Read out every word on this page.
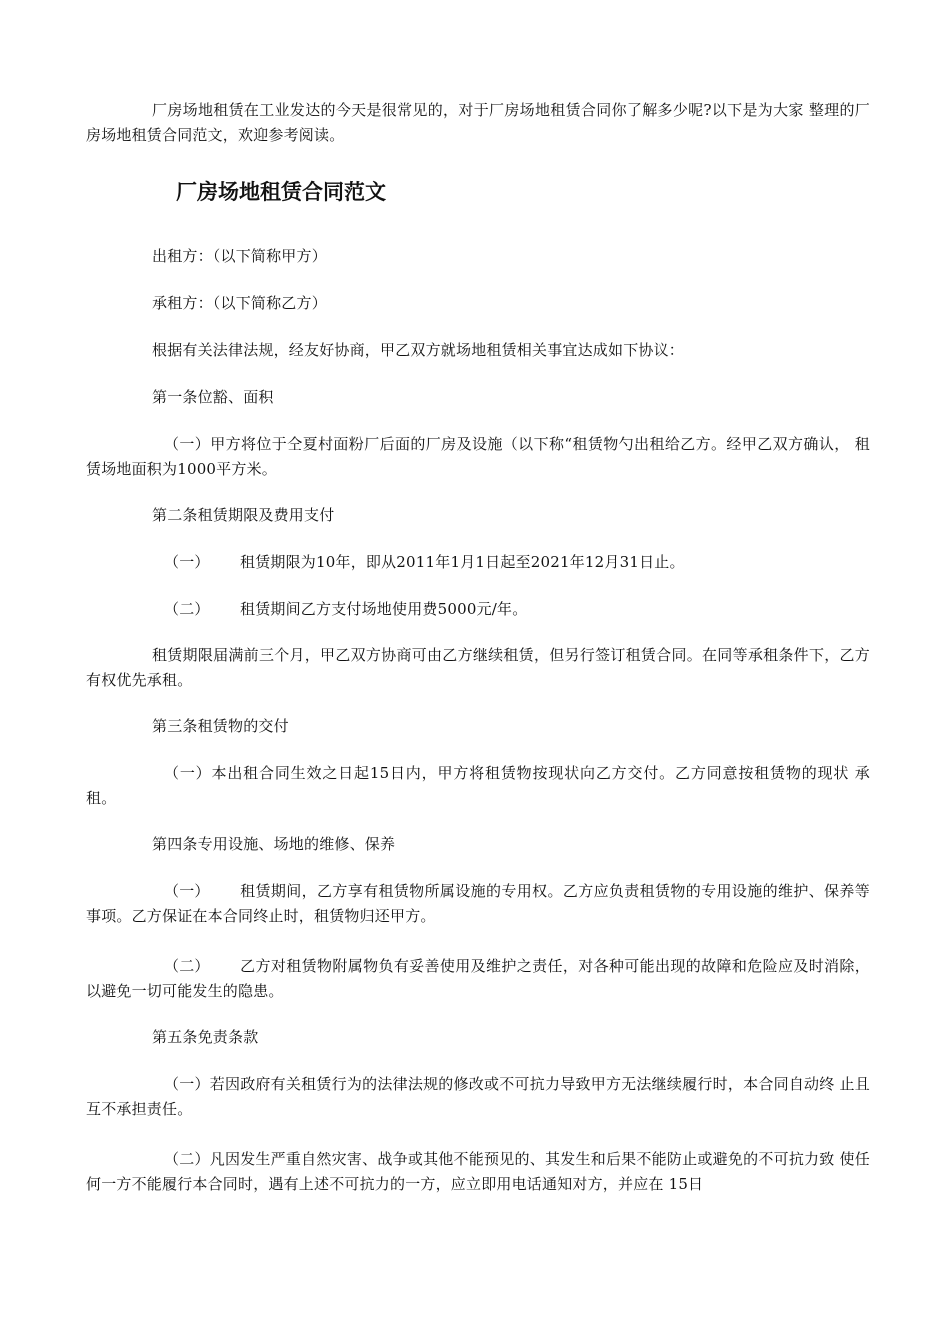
厂房场地租赁在工业发达的今天是很常见的，对于厂房场地租赁合同你了解多少呢?以下是为大家 整理的厂房场地租赁合同范文，欢迎参考阅读。

厂房场地租赁合同范文

出租方：（以下简称甲方）

承租方：（以下简称乙方）

根据有关法律法规，经友好协商，甲乙双方就场地租赁相关事宜达成如下协议：

第一条位豁、面积

（一）甲方将位于仝夏村面粉厂后面的厂房及设施（以下称“租赁物勺出租给乙方。经甲乙双方确认， 租赁场地面积为1000平方米。

第二条租赁期限及费用支付

（一） 租赁期限为10年，即从2011年1月1日起至2021年12月31日止。

（二） 租赁期间乙方支付场地使用费5000元/年。

租赁期限届满前三个月，甲乙双方协商可由乙方继续租赁，但另行签订租赁合同。在同等承租条件下，乙方有权优先承租。

第三条租赁物的交付

（一）本出租合同生效之日起15日内，甲方将租赁物按现状向乙方交付。乙方同意按租赁物的现状 承租。

第四条专用设施、场地的维修、保养

（一） 租赁期间，乙方享有租赁物所属设施的专用权。乙方应负责租赁物的专用设施的维护、保养等 事项。乙方保证在本合同终止时，租赁物归还甲方。

（二） 乙方对租赁物附属物负有妥善使用及维护之责任，对各种可能出现的故障和危险应及时消除， 以避免一切可能发生的隐患。

第五条免责条款

（一）若因政府有关租赁行为的法律法规的修改或不可抗力导致甲方无法继续履行时，本合同自动终 止且互不承担责任。

（二）凡因发生严重自然灾害、战争或其他不能预见的、其发生和后果不能防止或避免的不可抗力致 使任何一方不能履行本合同时，遇有上述不可抗力的一方，应立即用电话通知对方，并应在 15日
